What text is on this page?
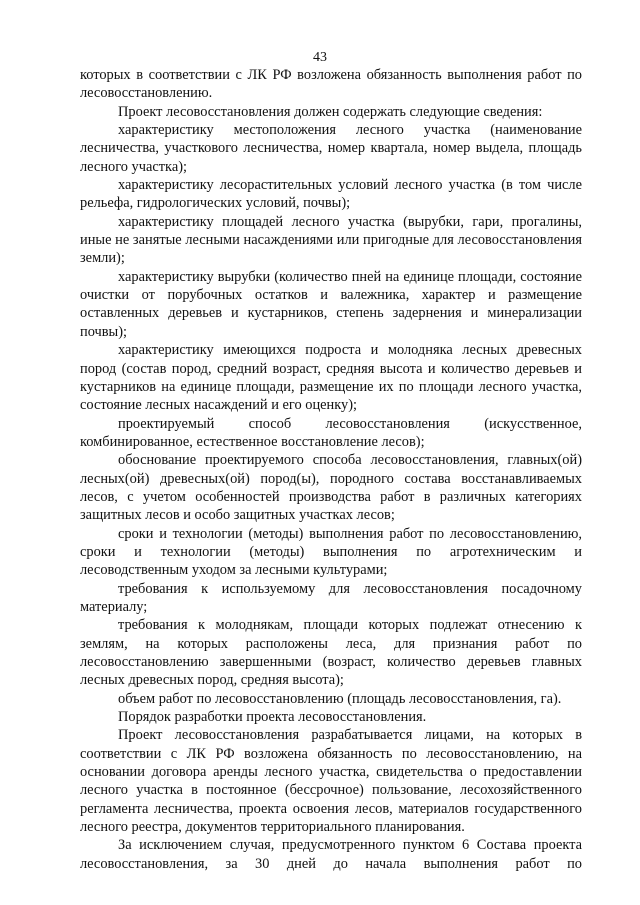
43

которых в соответствии с ЛК РФ возложена обязанность выполнения работ по лесовосстановлению.

Проект лесовосстановления должен содержать следующие сведения:

характеристику местоположения лесного участка (наименование лесничества, участкового лесничества, номер квартала, номер выдела, площадь лесного участка);

характеристику лесорастительных условий лесного участка (в том числе рельефа, гидрологических условий, почвы);

характеристику площадей лесного участка (вырубки, гари, прогалины, иные не занятые лесными насаждениями или пригодные для лесовосстановления земли);

характеристику вырубки (количество пней на единице площади, состояние очистки от порубочных остатков и валежника, характер и размещение оставленных деревьев и кустарников, степень задернения и минерализации почвы);

характеристику имеющихся подроста и молодняка лесных древесных пород (состав пород, средний возраст, средняя высота и количество деревьев и кустарников на единице площади, размещение их по площади лесного участка, состояние лесных насаждений и его оценку);

проектируемый способ лесовосстановления (искусственное, комбинированное, естественное восстановление лесов);

обоснование проектируемого способа лесовосстановления, главных(ой) лесных(ой) древесных(ой) пород(ы), породного состава восстанавливаемых лесов, с учетом особенностей производства работ в различных категориях защитных лесов и особо защитных участках лесов;

сроки и технологии (методы) выполнения работ по лесовосстановлению, сроки и технологии (методы) выполнения по агротехническим и лесоводственным уходом за лесными культурами;

требования к используемому для лесовосстановления посадочному материалу;

требования к молоднякам, площади которых подлежат отнесению к землям, на которых расположены леса, для признания работ по лесовосстановлению завершенными (возраст, количество деревьев главных лесных древесных пород, средняя высота);

объем работ по лесовосстановлению (площадь лесовосстановления, га).

Порядок разработки проекта лесовосстановления.

Проект лесовосстановления разрабатывается лицами, на которых в соответствии с ЛК РФ возложена обязанность по лесовосстановлению, на основании договора аренды лесного участка, свидетельства о предоставлении лесного участка в постоянное (бессрочное) пользование, лесохозяйственного регламента лесничества, проекта освоения лесов, материалов государственного лесного реестра, документов территориального планирования.

За исключением случая, предусмотренного пунктом 6 Состава проекта лесовосстановления, за 30 дней до начала выполнения работ по
